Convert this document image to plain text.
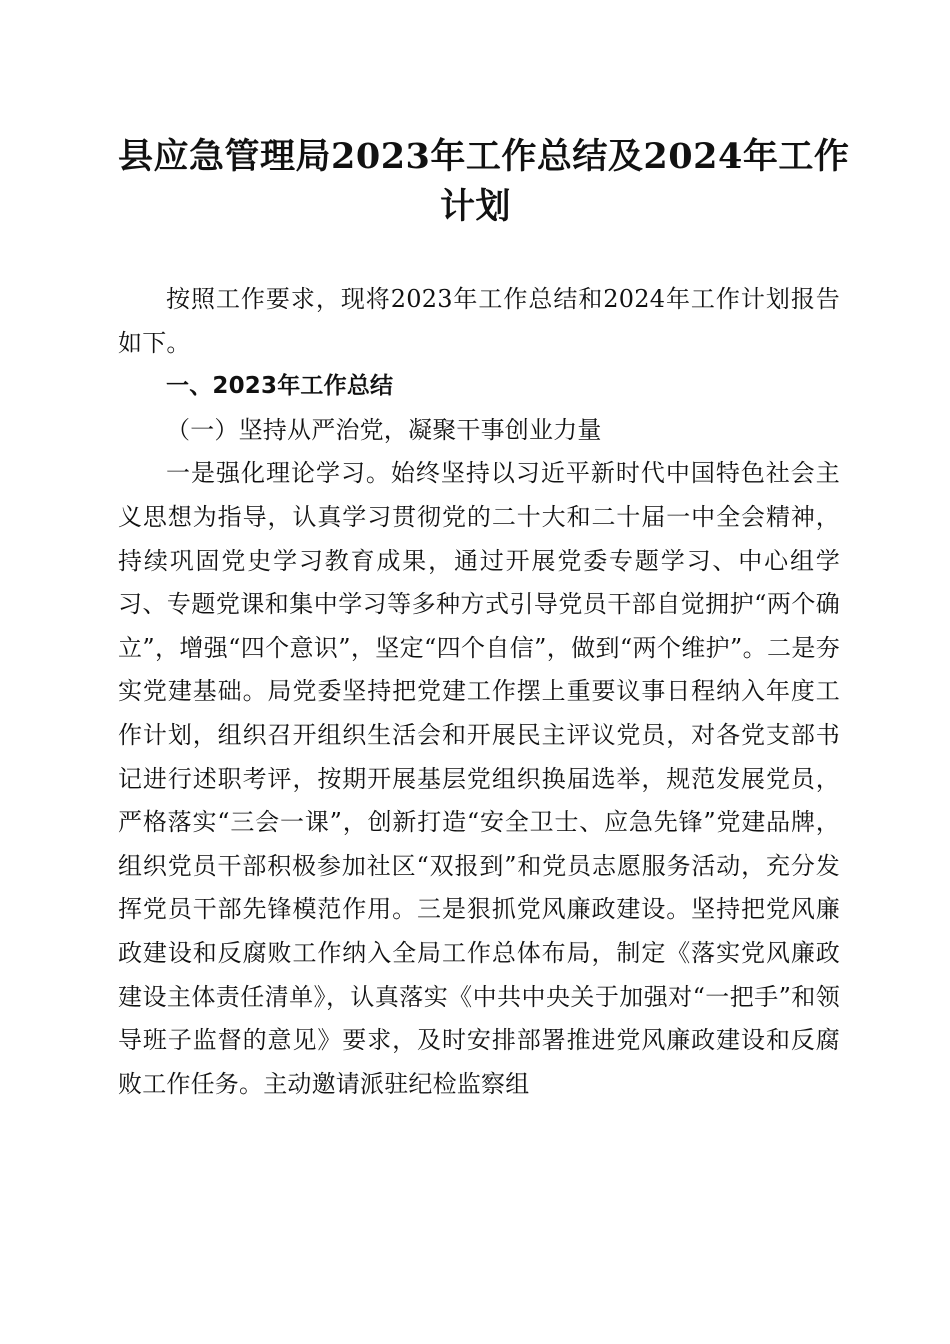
县应急管理局2023年工作总结及2024年工作
计划

按照工作要求，现将2023年工作总结和2024年工作计划报告如下。

一、2023年工作总结

（一）坚持从严治党，凝聚干事创业力量

一是强化理论学习。始终坚持以习近平新时代中国特色社会主义思想为指导，认真学习贯彻党的二十大和二十届一中全会精神，持续巩固党史学习教育成果，通过开展党委专题学习、中心组学习、专题党课和集中学习等多种方式引导党员干部自觉拥护“两个确立”，增强“四个意识”，坚定“四个自信”，做到“两个维护”。二是夯实党建基础。局党委坚持把党建工作摆上重要议事日程纳入年度工作计划，组织召开组织生活会和开展民主评议党员，对各党支部书记进行述职考评，按期开展基层党组织换届选举，规范发展党员，严格落实“三会一课”，创新打造“安全卫士、应急先锋”党建品牌，组织党员干部积极参加社区“双报到”和党员志愿服务活动，充分发挥党员干部先锋模范作用。三是狠抓党风廉政建设。坚持把党风廉政建设和反腐败工作纳入全局工作总体布局，制定《落实党风廉政建设主体责任清单》，认真落实《中共中央关于加强对“一把手”和领导班子监督的意见》要求，及时安排部署推进党风廉政建设和反腐败工作任务。主动邀请派驻纪检监察组
